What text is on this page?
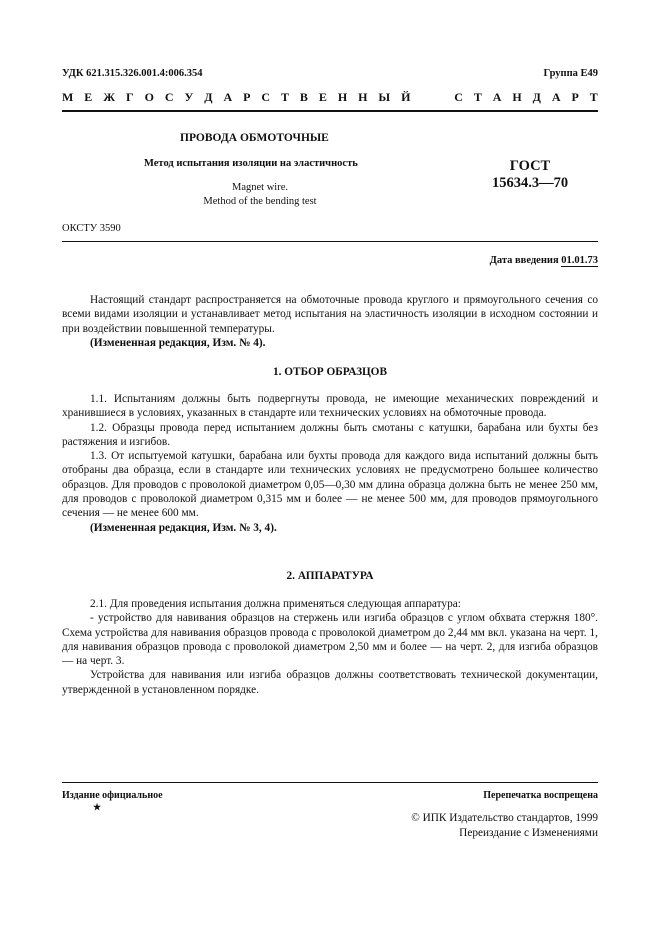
УДК 621.315.326.001.4:006.354	Группа Е49
М Е Ж Г О С У Д А Р С Т В Е Н Н Ы Й	С Т А Н Д А Р Т
ПРОВОДА ОБМОТОЧНЫЕ
Метод испытания изоляции на эластичность
Magnet wire.
Method of the bending test
ГОСТ
15634.3—70
ОКСТУ 3590
Дата введения 01.01.73

Настоящий стандарт распространяется на обмоточные провода круглого и прямоугольного сечения со всеми видами изоляции и устанавливает метод испытания на эластичность изоляции в исходном состоянии и при воздействии повышенной температуры.

(Измененная редакция, Изм. № 4).

1. ОТБОР ОБРАЗЦОВ

1.1. Испытаниям должны быть подвергнуты провода, не имеющие механических повреждений и хранившиеся в условиях, указанных в стандарте или технических условиях на обмоточные провода.

1.2. Образцы провода перед испытанием должны быть смотаны с катушки, барабана или бухты без растяжения и изгибов.

1.3. От испытуемой катушки, барабана или бухты провода для каждого вида испытаний должны быть отобраны два образца, если в стандарте или технических условиях не предусмотрено большее количество образцов. Для проводов с проволокой диаметром 0,05—0,30 мм длина образца должна быть не менее 250 мм, для проводов с проволокой диаметром 0,315 мм и более — не менее 500 мм, для проводов прямоугольного сечения — не менее 600 мм.

(Измененная редакция, Изм. № 3, 4).

2. АППАРАТУРА

2.1. Для проведения испытания должна применяться следующая аппаратура:

- устройство для навивания образцов на стержень или изгиба образцов с углом обхвата стержня 180°. Схема устройства для навивания образцов провода с проволокой диаметром до 2,44 мм вкл. указана на черт. 1, для навивания образцов провода с проволокой диаметром 2,50 мм и более — на черт. 2, для изгиба образцов — на черт. 3.

Устройства для навивания или изгиба образцов должны соответствовать технической документации, утвержденной в установленном порядке.

Издание официальное
★
Перепечатка воспрещена
© ИПК Издательство стандартов, 1999
Переиздание с Изменениями
